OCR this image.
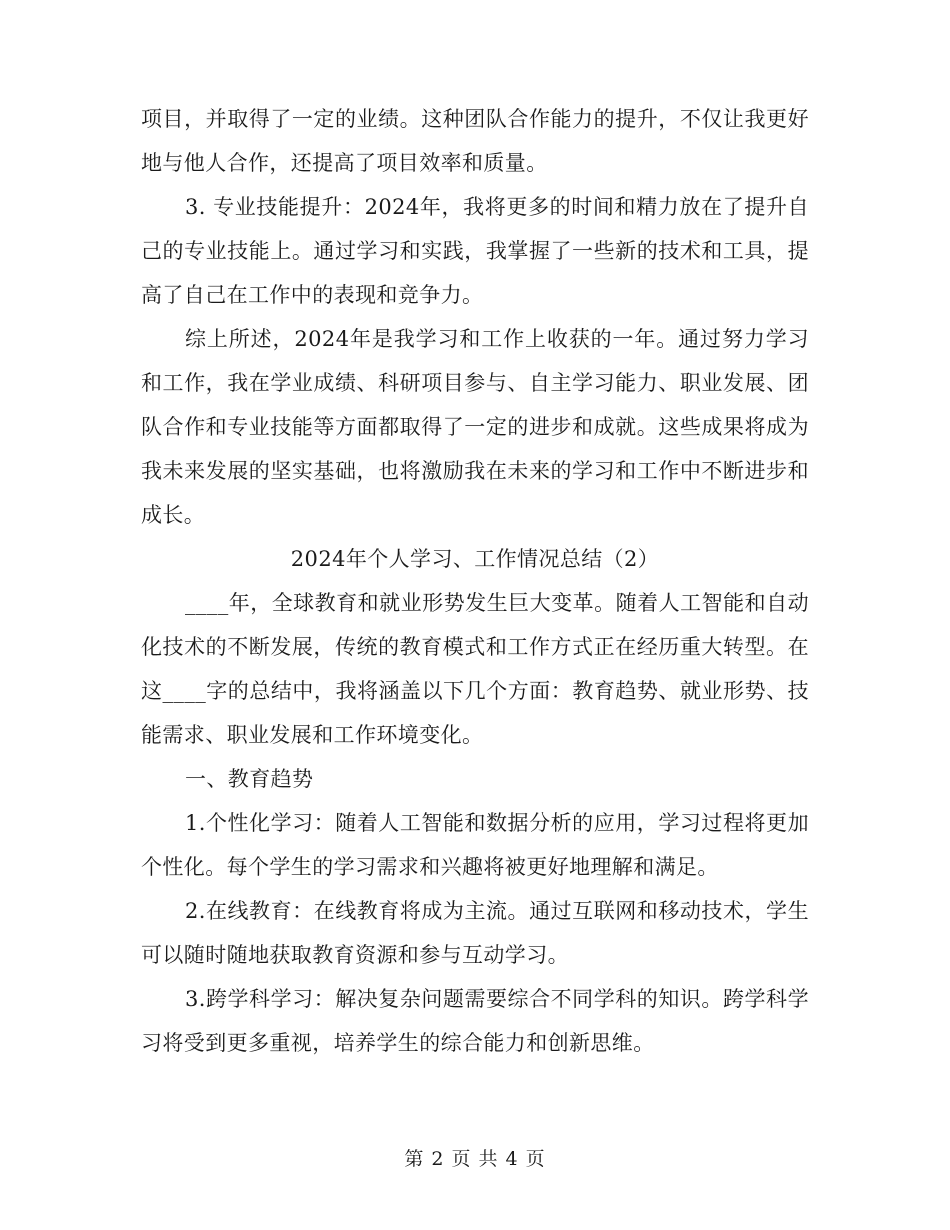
项目，并取得了一定的业绩。这种团队合作能力的提升，不仅让我更好地与他人合作，还提高了项目效率和质量。

3. 专业技能提升：2024年，我将更多的时间和精力放在了提升自己的专业技能上。通过学习和实践，我掌握了一些新的技术和工具，提高了自己在工作中的表现和竞争力。

综上所述，2024年是我学习和工作上收获的一年。通过努力学习和工作，我在学业成绩、科研项目参与、自主学习能力、职业发展、团队合作和专业技能等方面都取得了一定的进步和成就。这些成果将成为我未来发展的坚实基础，也将激励我在未来的学习和工作中不断进步和成长。

2024年个人学习、工作情况总结（2）

____年，全球教育和就业形势发生巨大变革。随着人工智能和自动化技术的不断发展，传统的教育模式和工作方式正在经历重大转型。在这____字的总结中，我将涵盖以下几个方面：教育趋势、就业形势、技能需求、职业发展和工作环境变化。

一、教育趋势

1.个性化学习：随着人工智能和数据分析的应用，学习过程将更加个性化。每个学生的学习需求和兴趣将被更好地理解和满足。

2.在线教育：在线教育将成为主流。通过互联网和移动技术，学生可以随时随地获取教育资源和参与互动学习。

3.跨学科学习：解决复杂问题需要综合不同学科的知识。跨学科学习将受到更多重视，培养学生的综合能力和创新思维。

第 2 页 共 4 页
